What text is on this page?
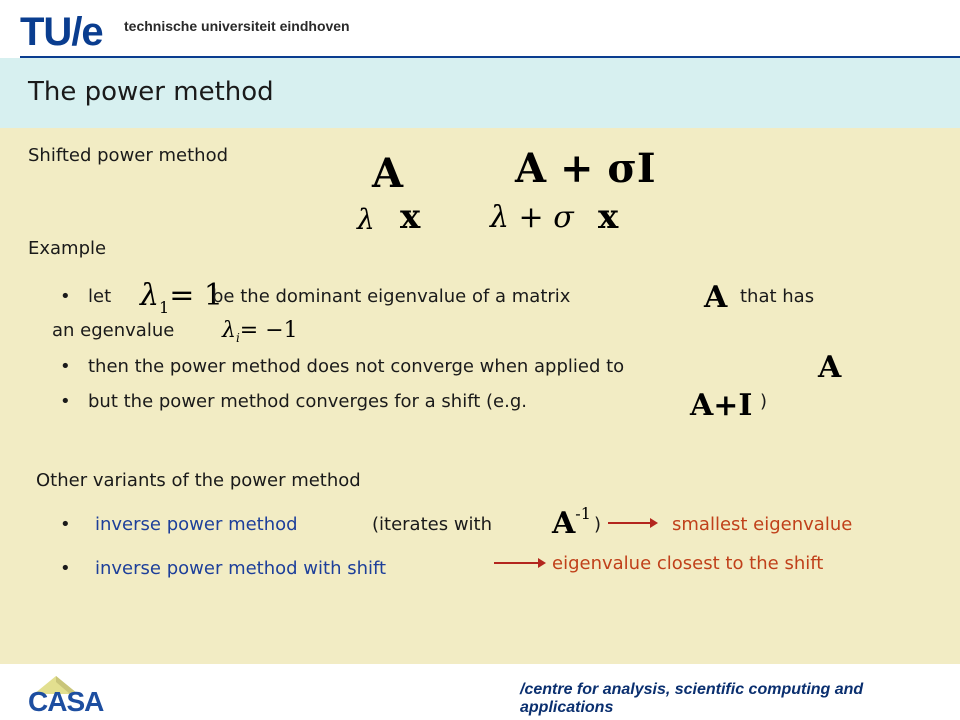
TU/e technische universiteit eindhoven
The power method
Shifted power method	A	A + σI
λ x λ + σ x
Example
• let $\lambda_1= 1$
be the dominant eigenvalue of a matrix	A that has
an egenvalue $\lambda_i= -1$
• then the power method does not converge when applied to	A
• but the power method converges for a shift (e.g.	A+I )
Other variants of the power method
• inverse power method	(iterates with $A^{-1}$
)	smallest eigenvalue
• inverse power method with shift	eigenvalue closest to the shift
CASA	/centre for analysis, scientific computing and applications
